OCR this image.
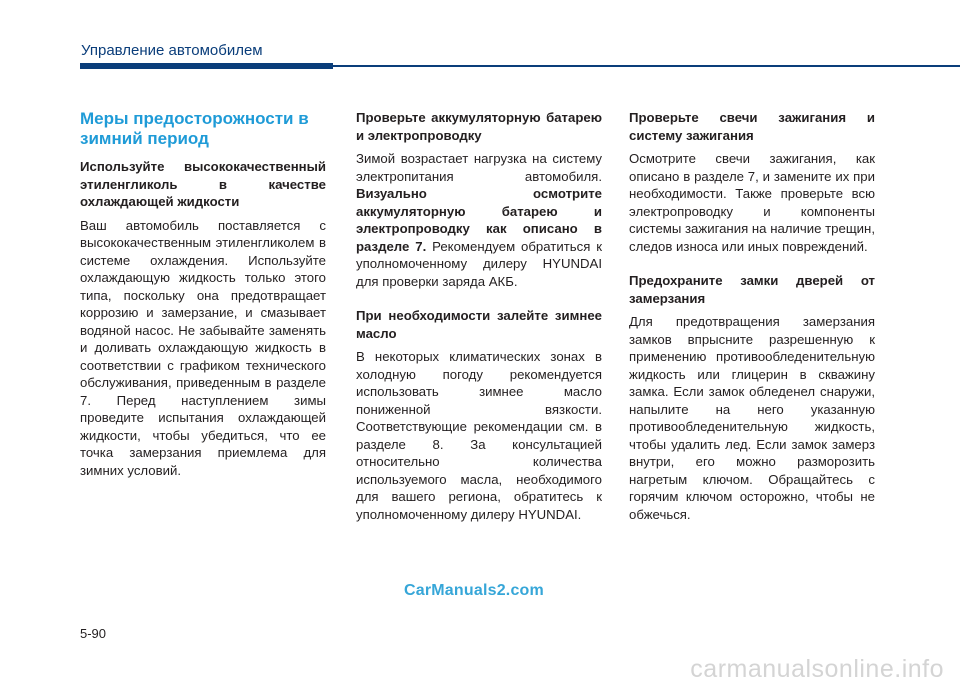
Управление автомобилем
Меры предосторожности в зимний период

Используйте высококачественный этиленгликоль в качестве охлаждающей жидкости

Ваш автомобиль поставляется с высококачественным этиленгликолем в системе охлаждения. Используйте охлаждающую жидкость только этого типа, поскольку она предотвращает коррозию и замерзание, и смазывает водяной насос. Не забывайте заменять и доливать охлаждающую жидкость в соответствии с графиком технического обслуживания, приведенным в разделе 7. Перед наступлением зимы проведите испытания охлаждающей жидкости, чтобы убедиться, что ее точка замерзания приемлема для зимних условий.

Проверьте аккумуляторную батарею и электропроводку

Зимой возрастает нагрузка на систему электропитания автомобиля. Визуально осмотрите аккумуляторную батарею и электропроводку как описано в разделе 7. Рекомендуем обратиться к уполномоченному дилеру HYUNDAI для проверки заряда АКБ.

При необходимости залейте зимнее масло

В некоторых климатических зонах в холодную погоду рекомендуется использовать зимнее масло пониженной вязкости. Соответствующие рекомендации см. в разделе 8. За консультацией относительно количества используемого масла, необходимого для вашего региона, обратитесь к уполномоченному дилеру HYUNDAI.

Проверьте свечи зажигания и систему зажигания

Осмотрите свечи зажигания, как описано в разделе 7, и замените их при необходимости. Также проверьте всю электропроводку и компоненты системы зажигания на наличие трещин, следов износа или иных повреждений.

Предохраните замки дверей от замерзания

Для предотвращения замерзания замков впрысните разрешенную к применению противообледенительную жидкость или глицерин в скважину замка. Если замок обледенел снаружи, напылите на него указанную противообледенительную жидкость, чтобы удалить лед. Если замок замерз внутри, его можно разморозить нагретым ключом. Обращайтесь с горячим ключом осторожно, чтобы не обжечься.

CarManuals2.com
5-90
carmanualsonline.info
